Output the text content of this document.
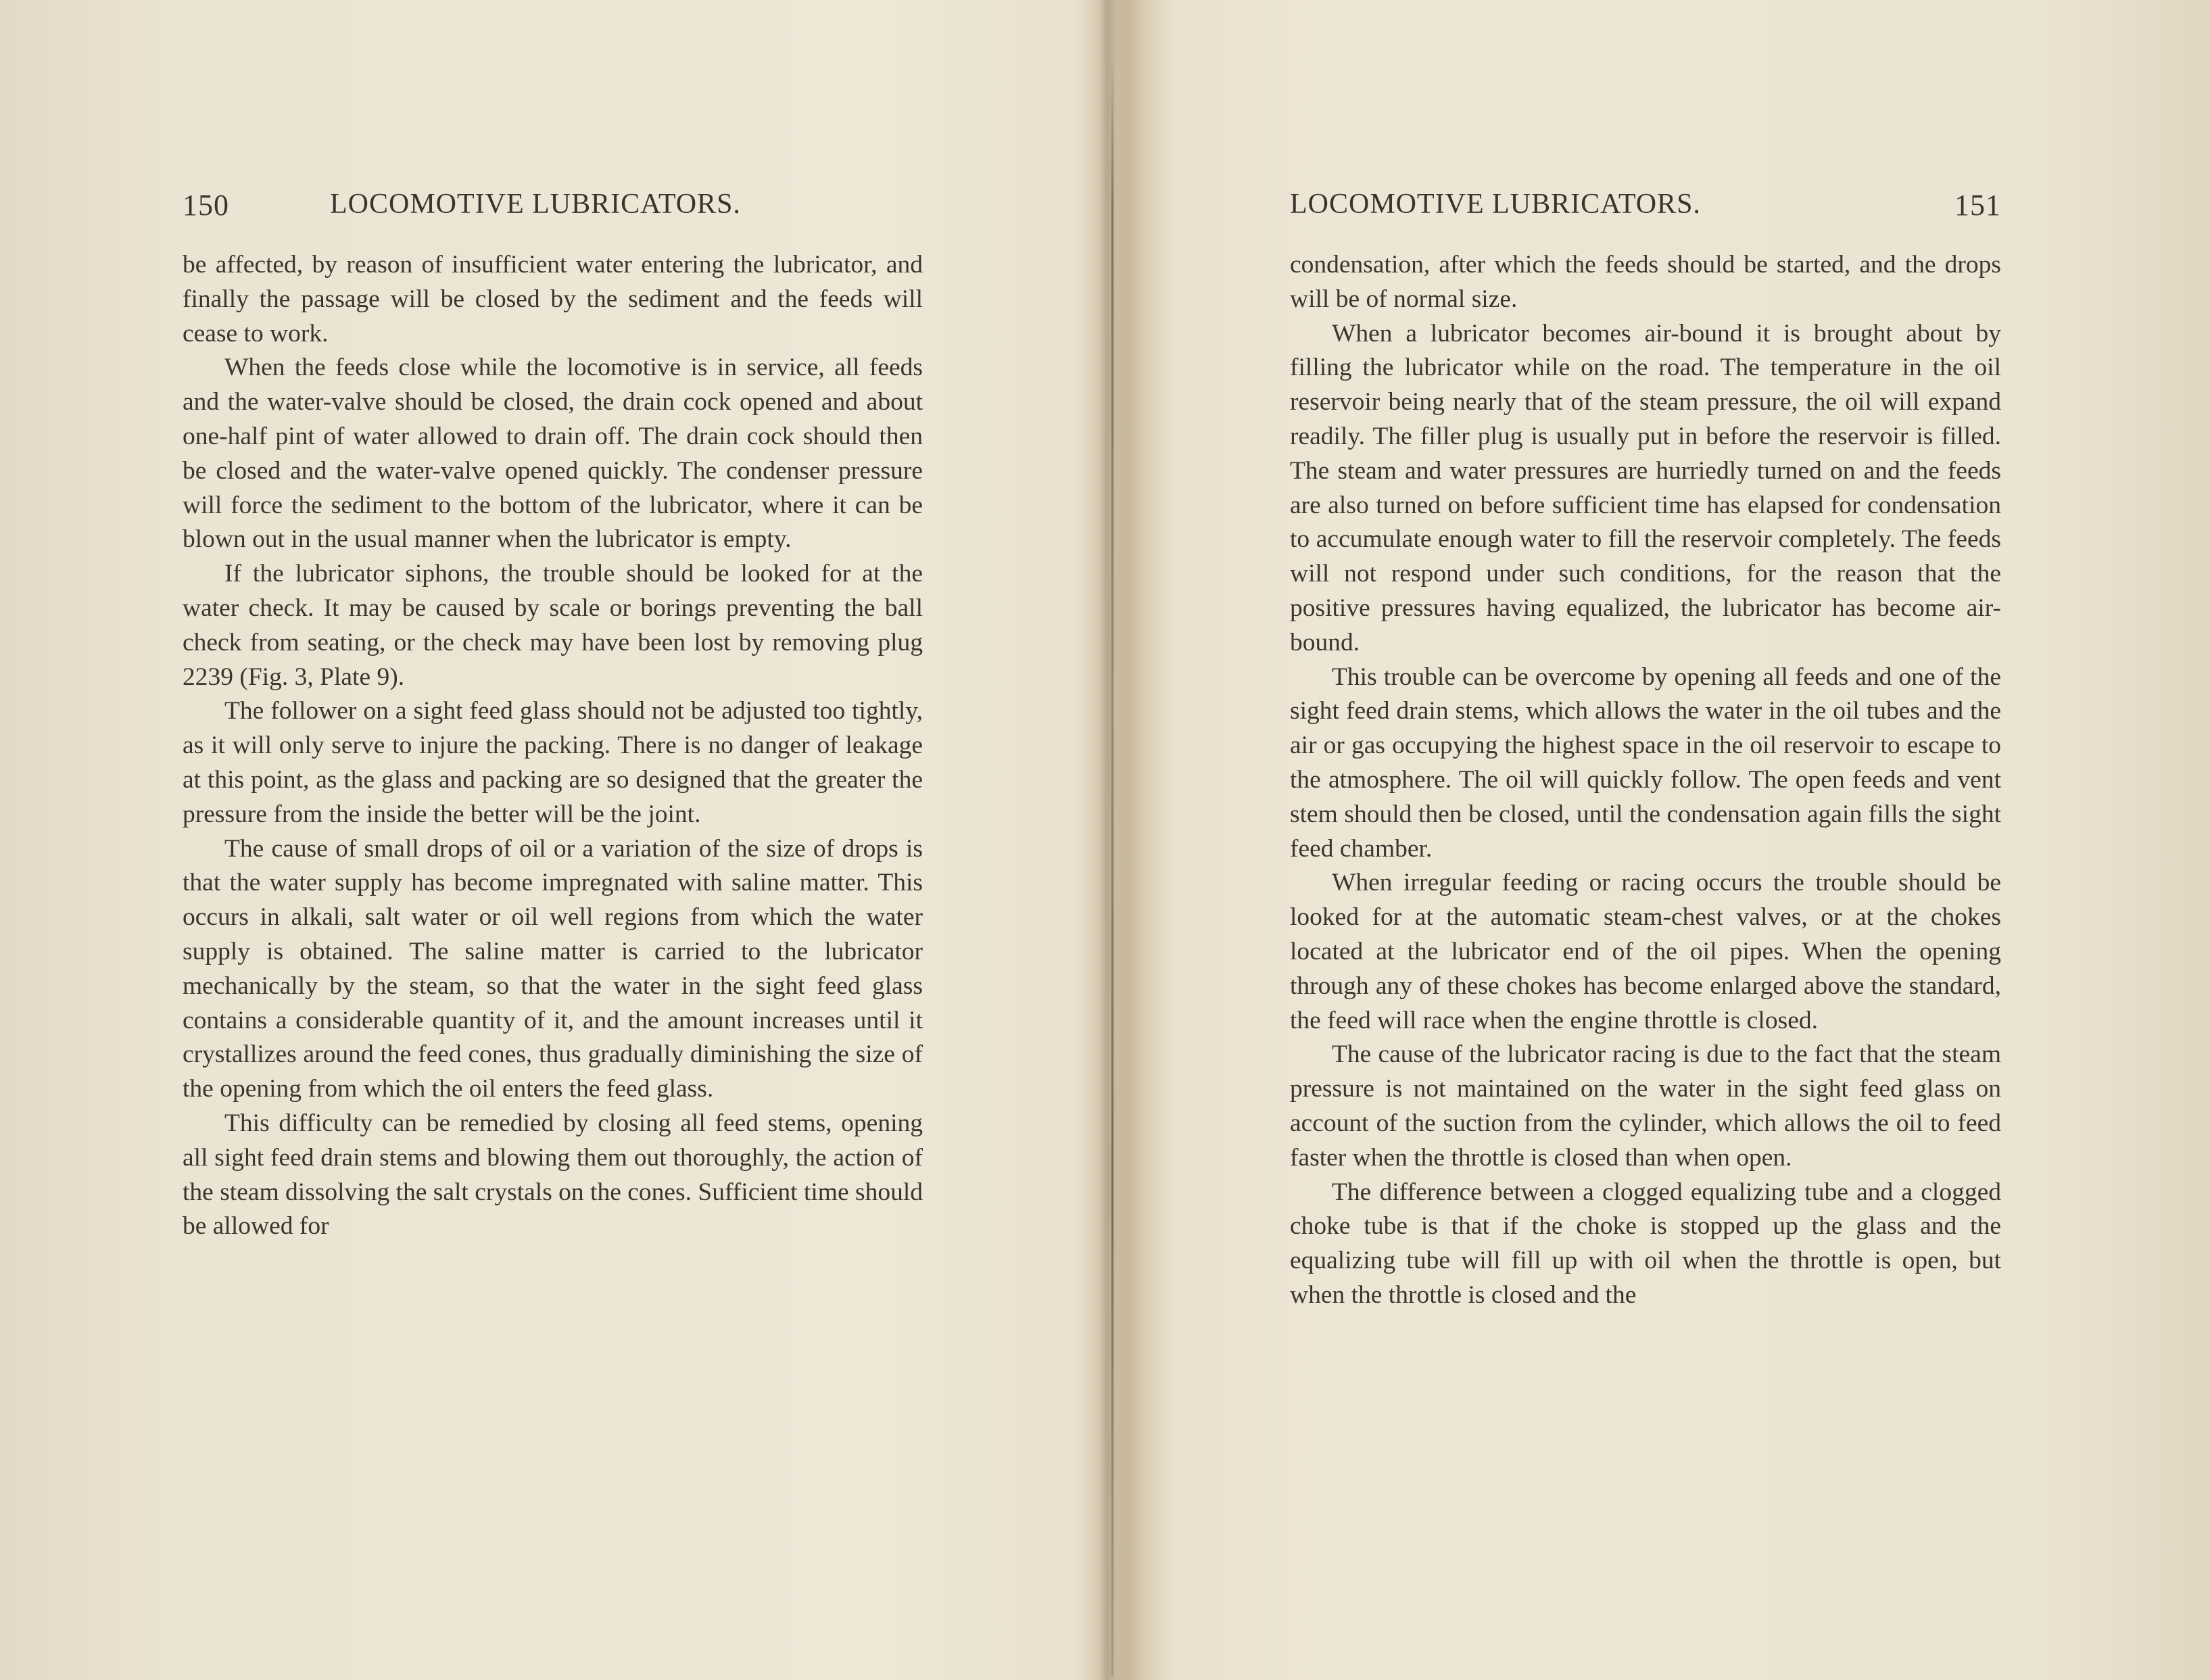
150	LOCOMOTIVE LUBRICATORS.

be affected, by reason of insufficient water entering the lubricator, and finally the passage will be closed by the sediment and the feeds will cease to work.

When the feeds close while the locomotive is in service, all feeds and the water-valve should be closed, the drain cock opened and about one-half pint of water allowed to drain off. The drain cock should then be closed and the water-valve opened quickly. The condenser pressure will force the sediment to the bottom of the lubricator, where it can be blown out in the usual manner when the lubricator is empty.

If the lubricator siphons, the trouble should be looked for at the water check. It may be caused by scale or borings preventing the ball check from seating, or the check may have been lost by removing plug 2239 (Fig. 3, Plate 9).

The follower on a sight feed glass should not be adjusted too tightly, as it will only serve to injure the packing. There is no danger of leakage at this point, as the glass and packing are so designed that the greater the pressure from the inside the better will be the joint.

The cause of small drops of oil or a variation of the size of drops is that the water supply has become impregnated with saline matter. This occurs in alkali, salt water or oil well regions from which the water supply is obtained. The saline matter is carried to the lubricator mechanically by the steam, so that the water in the sight feed glass contains a considerable quantity of it, and the amount increases until it crystallizes around the feed cones, thus gradually diminishing the size of the opening from which the oil enters the feed glass.

This difficulty can be remedied by closing all feed stems, opening all sight feed drain stems and blowing them out thoroughly, the action of the steam dissolving the salt crystals on the cones. Sufficient time should be allowed for

LOCOMOTIVE LUBRICATORS.	151

condensation, after which the feeds should be started, and the drops will be of normal size.

When a lubricator becomes air-bound it is brought about by filling the lubricator while on the road. The temperature in the oil reservoir being nearly that of the steam pressure, the oil will expand readily. The filler plug is usually put in before the reservoir is filled. The steam and water pressures are hurriedly turned on and the feeds are also turned on before sufficient time has elapsed for condensation to accumulate enough water to fill the reservoir completely. The feeds will not respond under such conditions, for the reason that the positive pressures having equalized, the lubricator has become air-bound.

This trouble can be overcome by opening all feeds and one of the sight feed drain stems, which allows the water in the oil tubes and the air or gas occupying the highest space in the oil reservoir to escape to the atmosphere. The oil will quickly follow. The open feeds and vent stem should then be closed, until the condensation again fills the sight feed chamber.

When irregular feeding or racing occurs the trouble should be looked for at the automatic steam-chest valves, or at the chokes located at the lubricator end of the oil pipes. When the opening through any of these chokes has become enlarged above the standard, the feed will race when the engine throttle is closed.

The cause of the lubricator racing is due to the fact that the steam pressure is not maintained on the water in the sight feed glass on account of the suction from the cylinder, which allows the oil to feed faster when the throttle is closed than when open.

The difference between a clogged equalizing tube and a clogged choke tube is that if the choke is stopped up the glass and the equalizing tube will fill up with oil when the throttle is open, but when the throttle is closed and the
